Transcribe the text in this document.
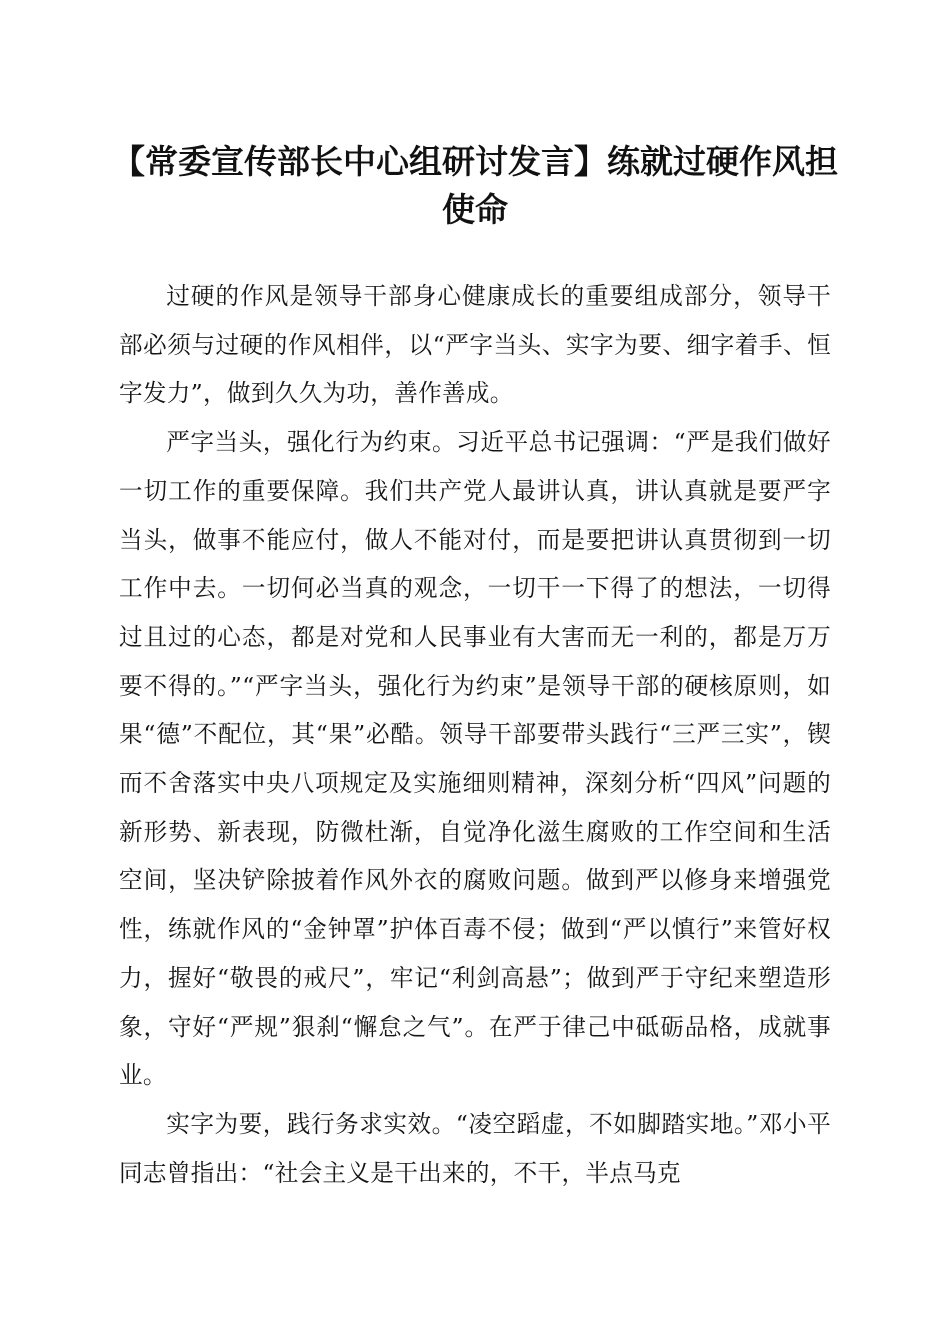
【常委宣传部长中心组研讨发言】练就过硬作风担使命

过硬的作风是领导干部身心健康成长的重要组成部分，领导干部必须与过硬的作风相伴，以“严字当头、实字为要、细字着手、恒字发力”，做到久久为功，善作善成。

严字当头，强化行为约束。习近平总书记强调：“严是我们做好一切工作的重要保障。我们共产党人最讲认真，讲认真就是要严字当头，做事不能应付，做人不能对付，而是要把讲认真贯彻到一切工作中去。一切何必当真的观念，一切干一下得了的想法，一切得过且过的心态，都是对党和人民事业有大害而无一利的，都是万万要不得的。”“严字当头，强化行为约束”是领导干部的硬核原则，如果“德”不配位，其“果”必酷。领导干部要带头践行“三严三实”，锲而不舍落实中央八项规定及实施细则精神，深刻分析“四风”问题的新形势、新表现，防微杜渐，自觉净化滋生腐败的工作空间和生活空间，坚决铲除披着作风外衣的腐败问题。做到严以修身来增强党性，练就作风的“金钟罩”护体百毒不侵；做到“严以慎行”来管好权力，握好“敬畏的戒尺”，牢记“利剑高悬”；做到严于守纪来塑造形象，守好“严规”狠刹“懈怠之气”。在严于律己中砥砺品格，成就事业。

实字为要，践行务求实效。“凌空蹈虚，不如脚踏实地。”邓小平同志曾指出：“社会主义是干出来的，不干，半点马克
